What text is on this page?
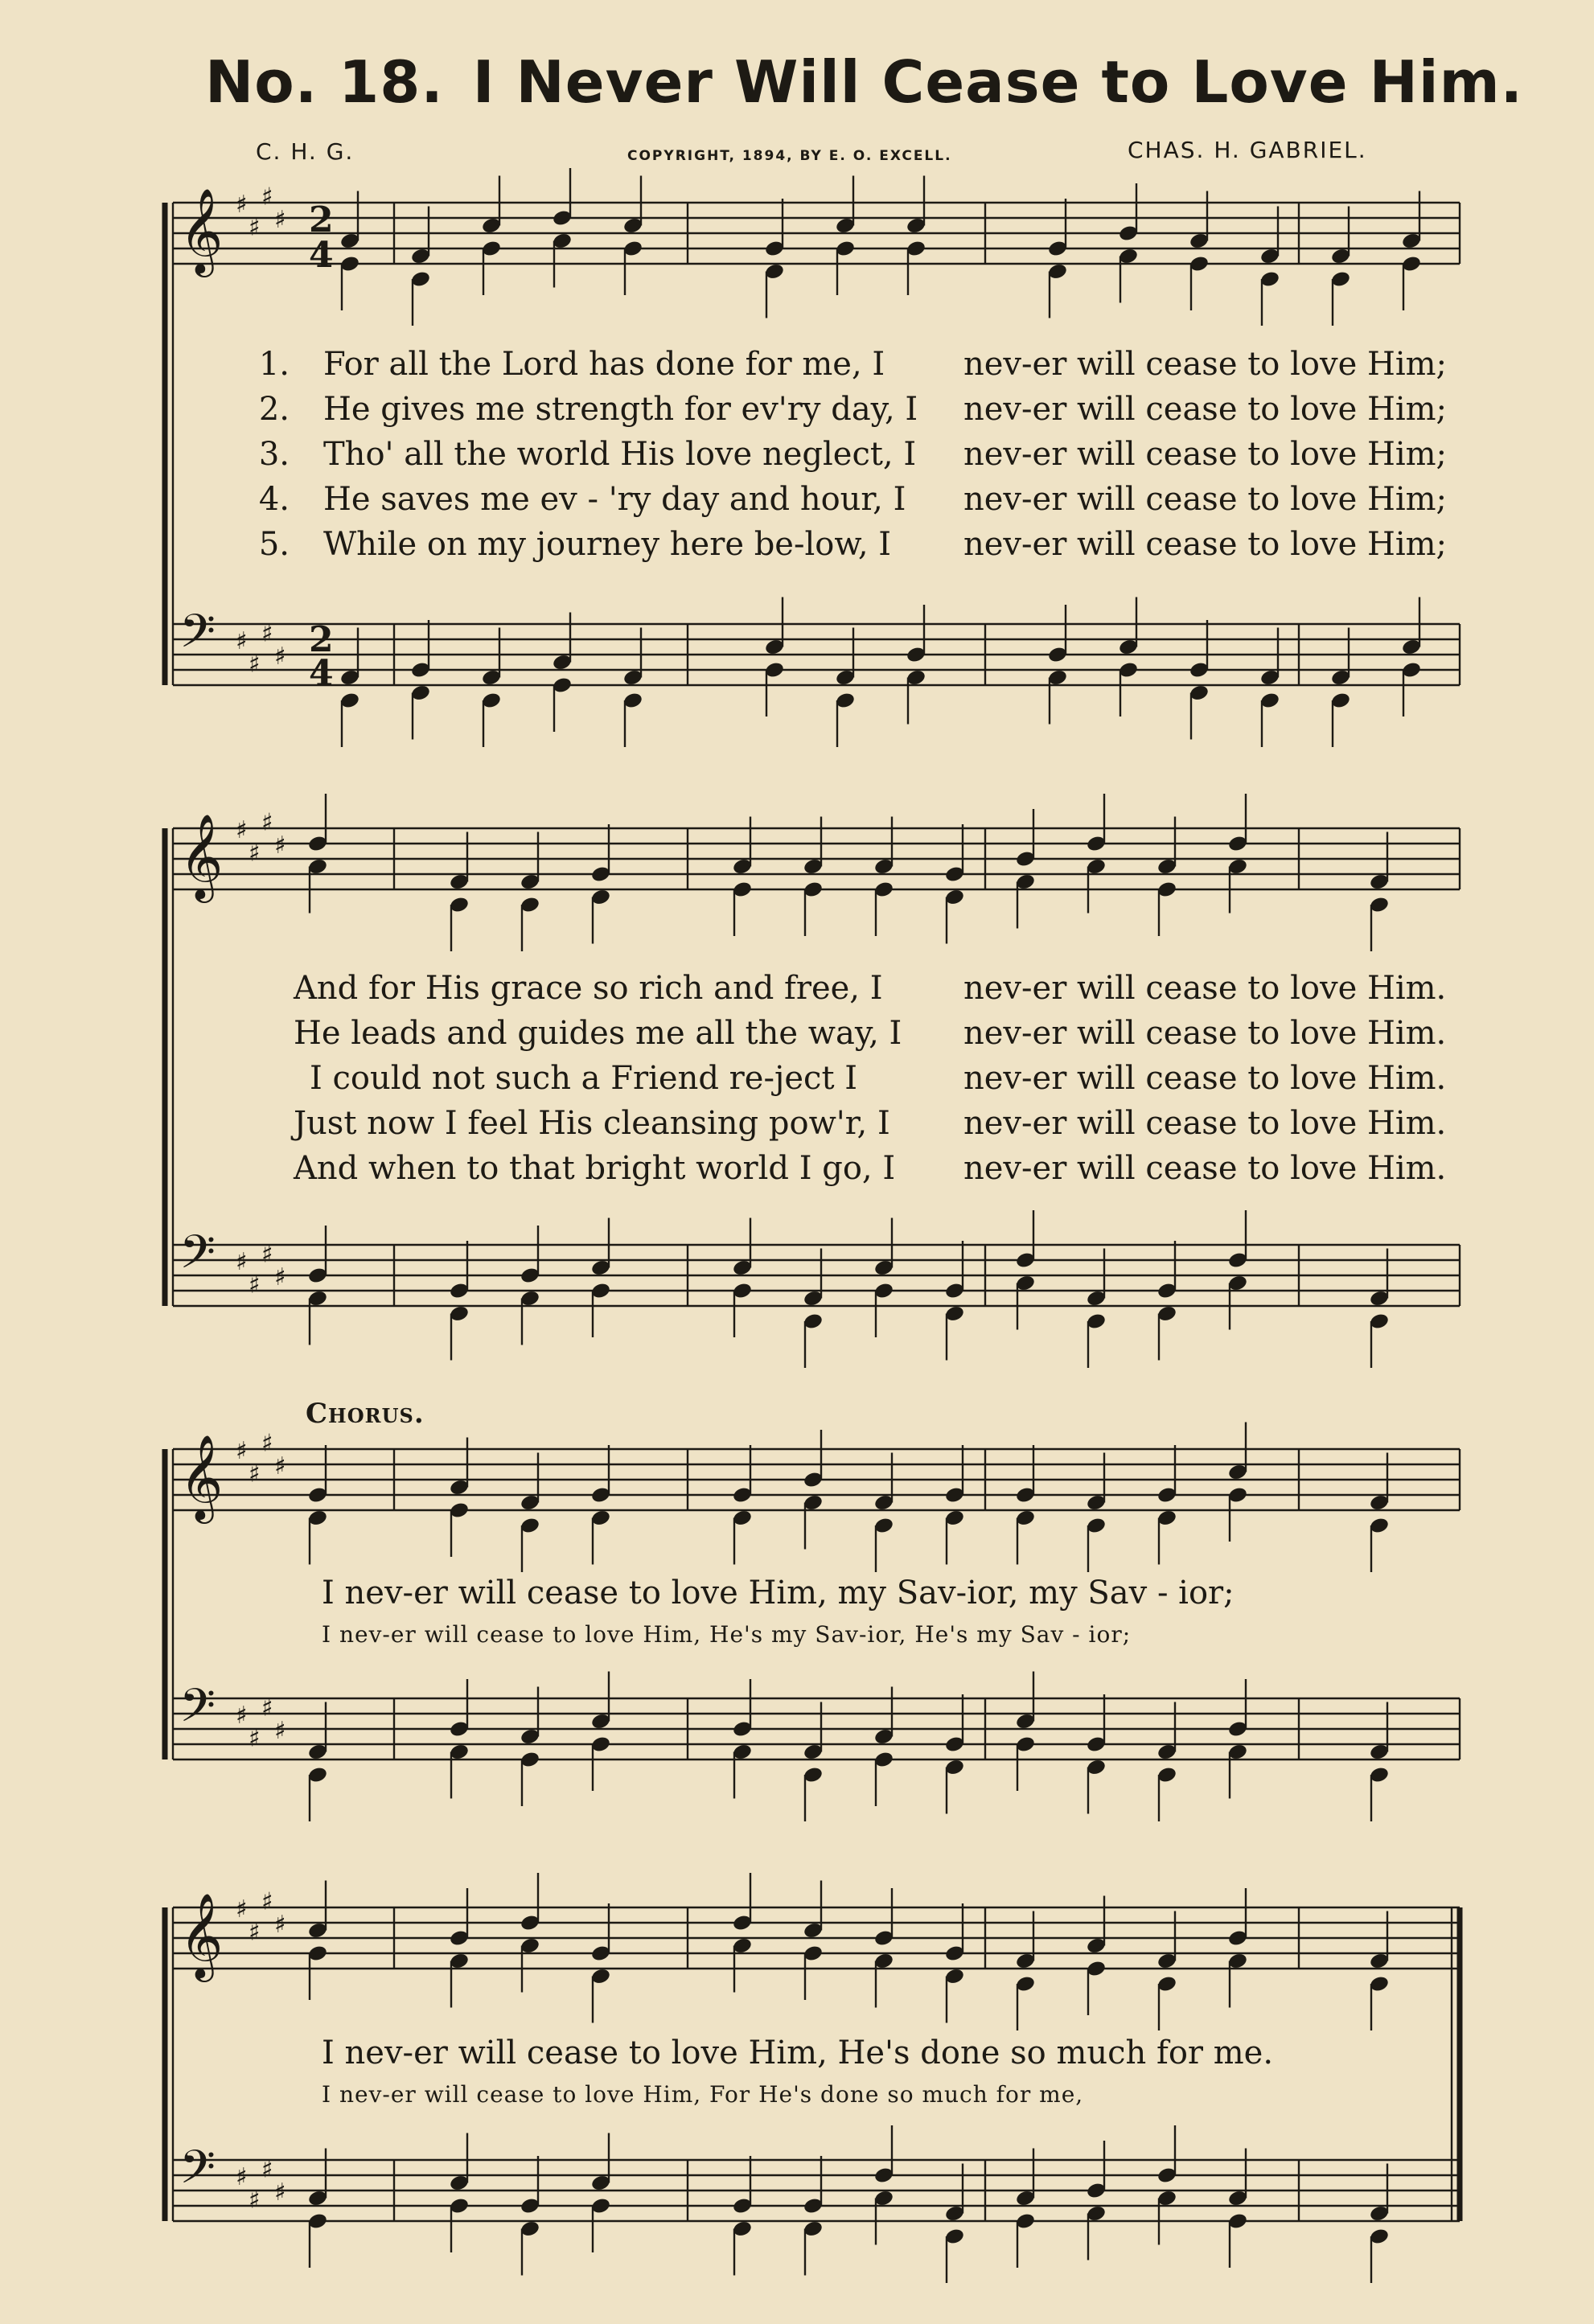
No. 18. I Never Will Cease to Love Him.
C. H. G.	COPYRIGHT, 1894, BY E. O. EXCELL.	CHAS. H. GABRIEL.
𝄞 ♯
♯
♯
♯
𝄢 ♯
♯
♯
♯
𝄞 ♯
♯
♯
♯
𝄢 ♯
♯
♯
♯
𝄞 ♯
♯
♯
♯
𝄢 ♯
♯
♯
♯
𝄞 ♯
♯
♯
♯
𝄢 ♯
♯
♯
♯
2
4
2
4
1. For all the Lord has done for me, I nev-er will cease to love Him;
2. He gives me strength for ev'ry day, I nev-er will cease to love Him;
3. Tho' all the world His love neglect, I nev-er will cease to love Him;
4. He saves me ev - 'ry day and hour, I nev-er will cease to love Him;
5. While on my journey here be-low, I nev-er will cease to love Him;
And for His grace so rich and free, I	nev-er will cease to love Him.
He leads and guides me all the way, I nev-er will cease to love Him.
I could not such a Friend re-ject I	nev-er will cease to love Him.
Just now I feel His cleansing pow'r, I nev-er will cease to love Him.
And when to that bright world I go, I nev-er will cease to love Him.
Chorus.
I nev-er will cease to love Him, my Sav-ior, my Sav - ior;
I nev-er will cease to love Him, He's my Sav-ior, He's my Sav - ior;
I nev-er will cease to love Him, He's done so much for me.
I nev-er will cease to love Him, For He's done so much for me,
